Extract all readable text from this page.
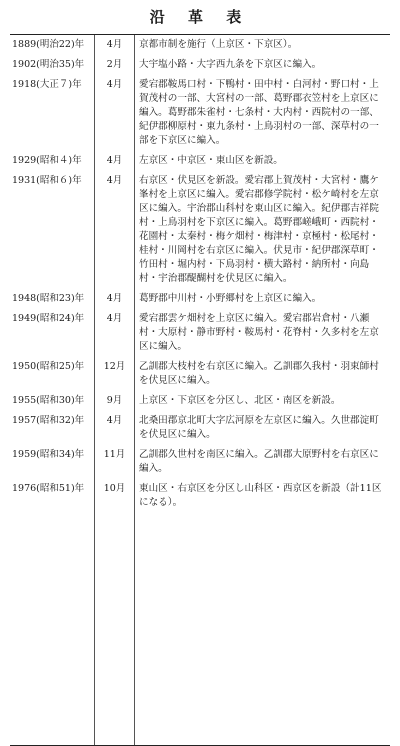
沿 革 表
1889(明治22)年	4月	京都市制を施行（上京区・下京区）。
1902(明治35)年	2月	大宇塩小路・大字西九条を下京区に編入。
1918(大正７)年	4月	愛宕郡鞍馬口村・下鴨村・田中村・白河村・野口村・上賀茂村の一部、大宮村の一部、葛野郡衣笠村を上京区に編入。葛野郡朱雀村・七条村・大内村・西院村の一部、紀伊郡柳原村・東九条村・上鳥羽村の一部、深草村の一部を下京区に編入。
1929(昭和４)年	4月	左京区・中京区・東山区を新設。
1931(昭和６)年	4月	右京区・伏見区を新設。愛宕郡上賀茂村・大宮村・鷹ケ峯村を上京区に編入。愛宕郡修学院村・松ケ崎村を左京区に編入。宇治郡山科村を東山区に編入。紀伊郡吉祥院村・上鳥羽村を下京区に編入。葛野郡嵯峨町・西院村・花園村・太秦村・梅ケ畑村・梅津村・京極村・松尾村・桂村・川岡村を右京区に編入。伏見市・紀伊郡深草町・竹田村・堀内村・下鳥羽村・横大路村・納所村・向島村・宇治郡醍醐村を伏見区に編入。
1948(昭和23)年	4月	葛野郡中川村・小野郷村を上京区に編入。
1949(昭和24)年	4月	愛宕郡雲ケ畑村を上京区に編入。愛宕郡岩倉村・八瀬村・大原村・静市野村・鞍馬村・花脊村・久多村を左京区に編入。
1950(昭和25)年	12月	乙訓郡大枝村を右京区に編入。乙訓郡久我村・羽束師村を伏見区に編入。
1955(昭和30)年	9月	上京区・下京区を分区し、北区・南区を新設。
1957(昭和32)年	4月	北桑田郡京北町大字広河原を左京区に編入。久世郡淀町を伏見区に編入。
1959(昭和34)年	11月	乙訓郡久世村を南区に編入。乙訓郡大原野村を右京区に編入。
1976(昭和51)年	10月	東山区・右京区を分区し山科区・西京区を新設（計11区になる）。
